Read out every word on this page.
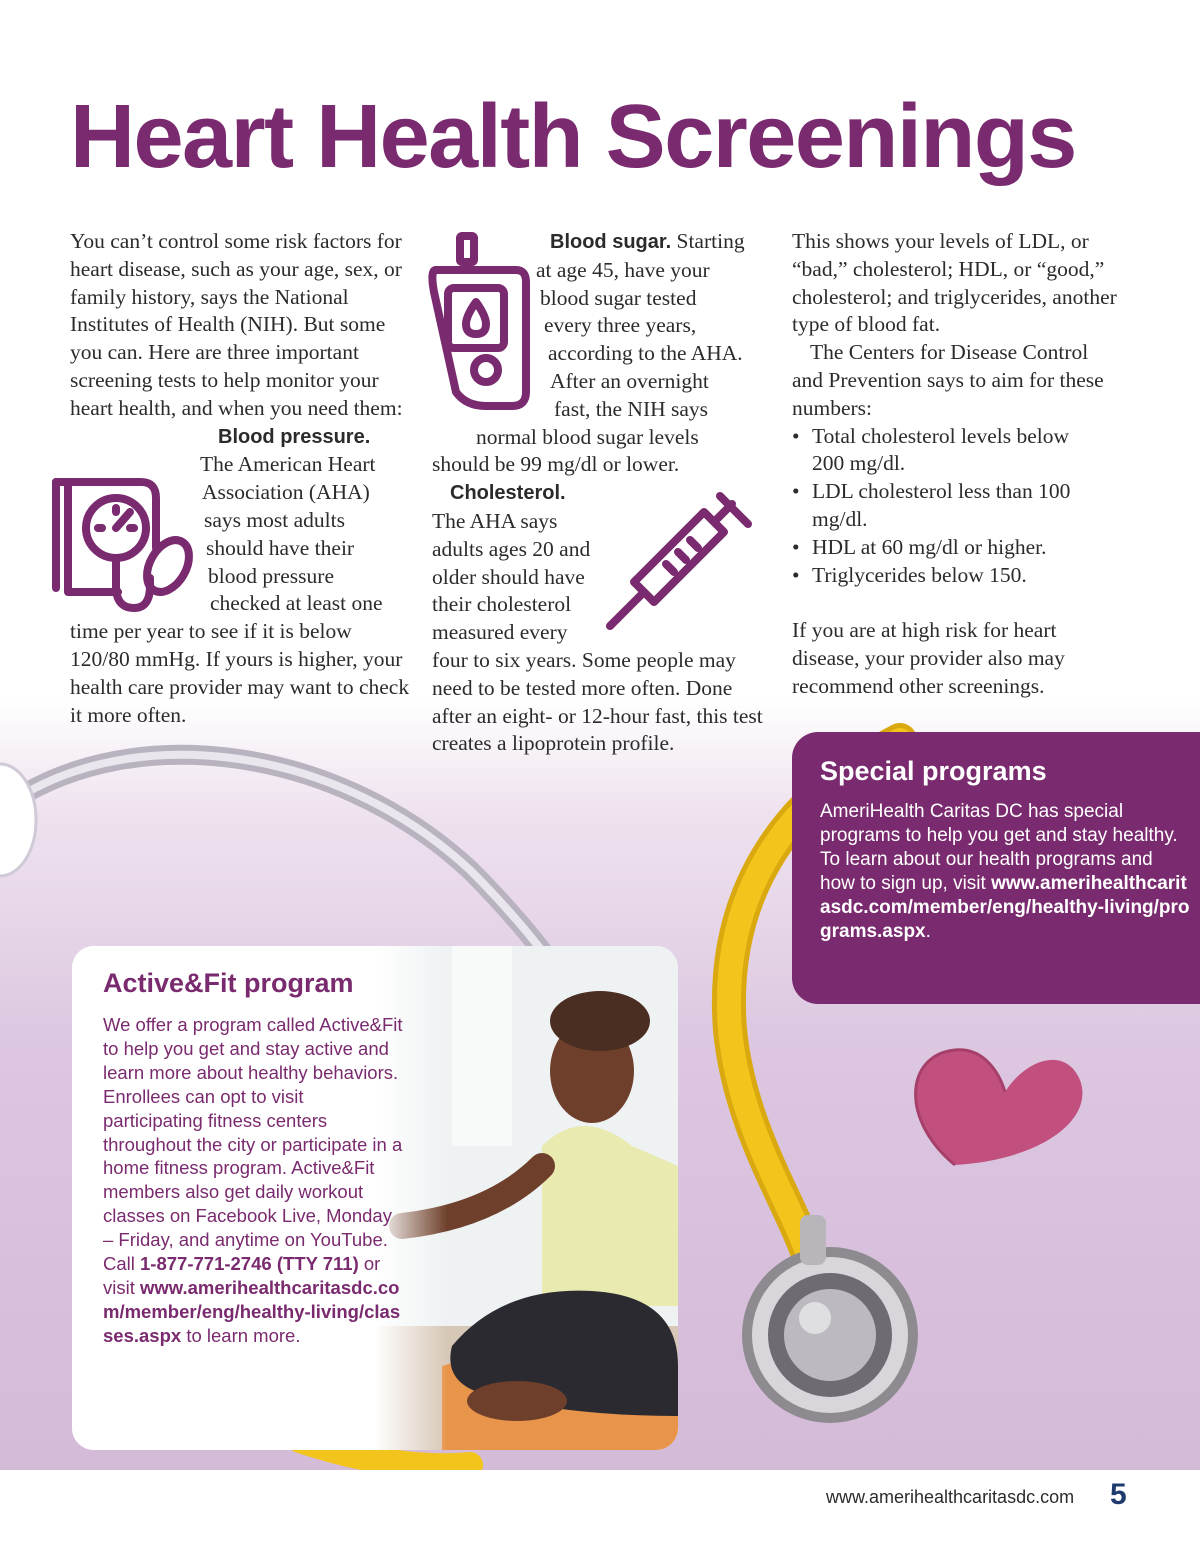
Heart Health Screenings

You can’t control some risk factors for heart disease, such as your age, sex, or family history, says the National Institutes of Health (NIH). But some you can. Here are three important screening tests to help monitor your heart health, and when you need them:

Blood pressure.
The American Heart
Association (AHA)
says most adults
should have their
blood pressure
checked at least one

time per year to see if it is below 120/80 mmHg. If yours is higher, your health care provider may want to check it more often.

Blood sugar. Starting
at age 45, have your
blood sugar tested
every three years,
according to the AHA.
After an overnight
fast, the NIH says
normal blood sugar levels

should be 99 mg/dl or lower.

Cholesterol.
The AHA says
adults ages 20 and
older should have
their cholesterol
measured every

four to six years. Some people may need to be tested more often. Done after an eight- or 12-hour fast, this test creates a lipoprotein profile.

This shows your levels of LDL, or “bad,” cholesterol; HDL, or “good,” cholesterol; and triglycerides, another type of blood fat.

The Centers for Disease Control and Prevention says to aim for these numbers:

• Total cholesterol levels below 200 mg/dl.
• LDL cholesterol less than 100 mg/dl.
• HDL at 60 mg/dl or higher.
• Triglycerides below 150.

If you are at high risk for heart disease, your provider also may recommend other screenings.

Special programs

AmeriHealth Caritas DC has special programs to help you get and stay healthy. To learn about our health programs and how to sign up, visit www.amerihealthcaritasdc.com/member/eng/healthy-living/programs.aspx.

Active&Fit program

We offer a program called Active&Fit to help you get and stay active and learn more about healthy behaviors. Enrollees can opt to visit participating fitness centers throughout the city or participate in a home fitness program. Active&Fit members also get daily workout classes on Facebook Live, Monday – Friday, and anytime on YouTube. Call 1-877-771-2746 (TTY 711) or visit www.amerihealthcaritasdc.com/member/eng/healthy-living/classes.aspx to learn more.

www.amerihealthcaritasdc.com 5
